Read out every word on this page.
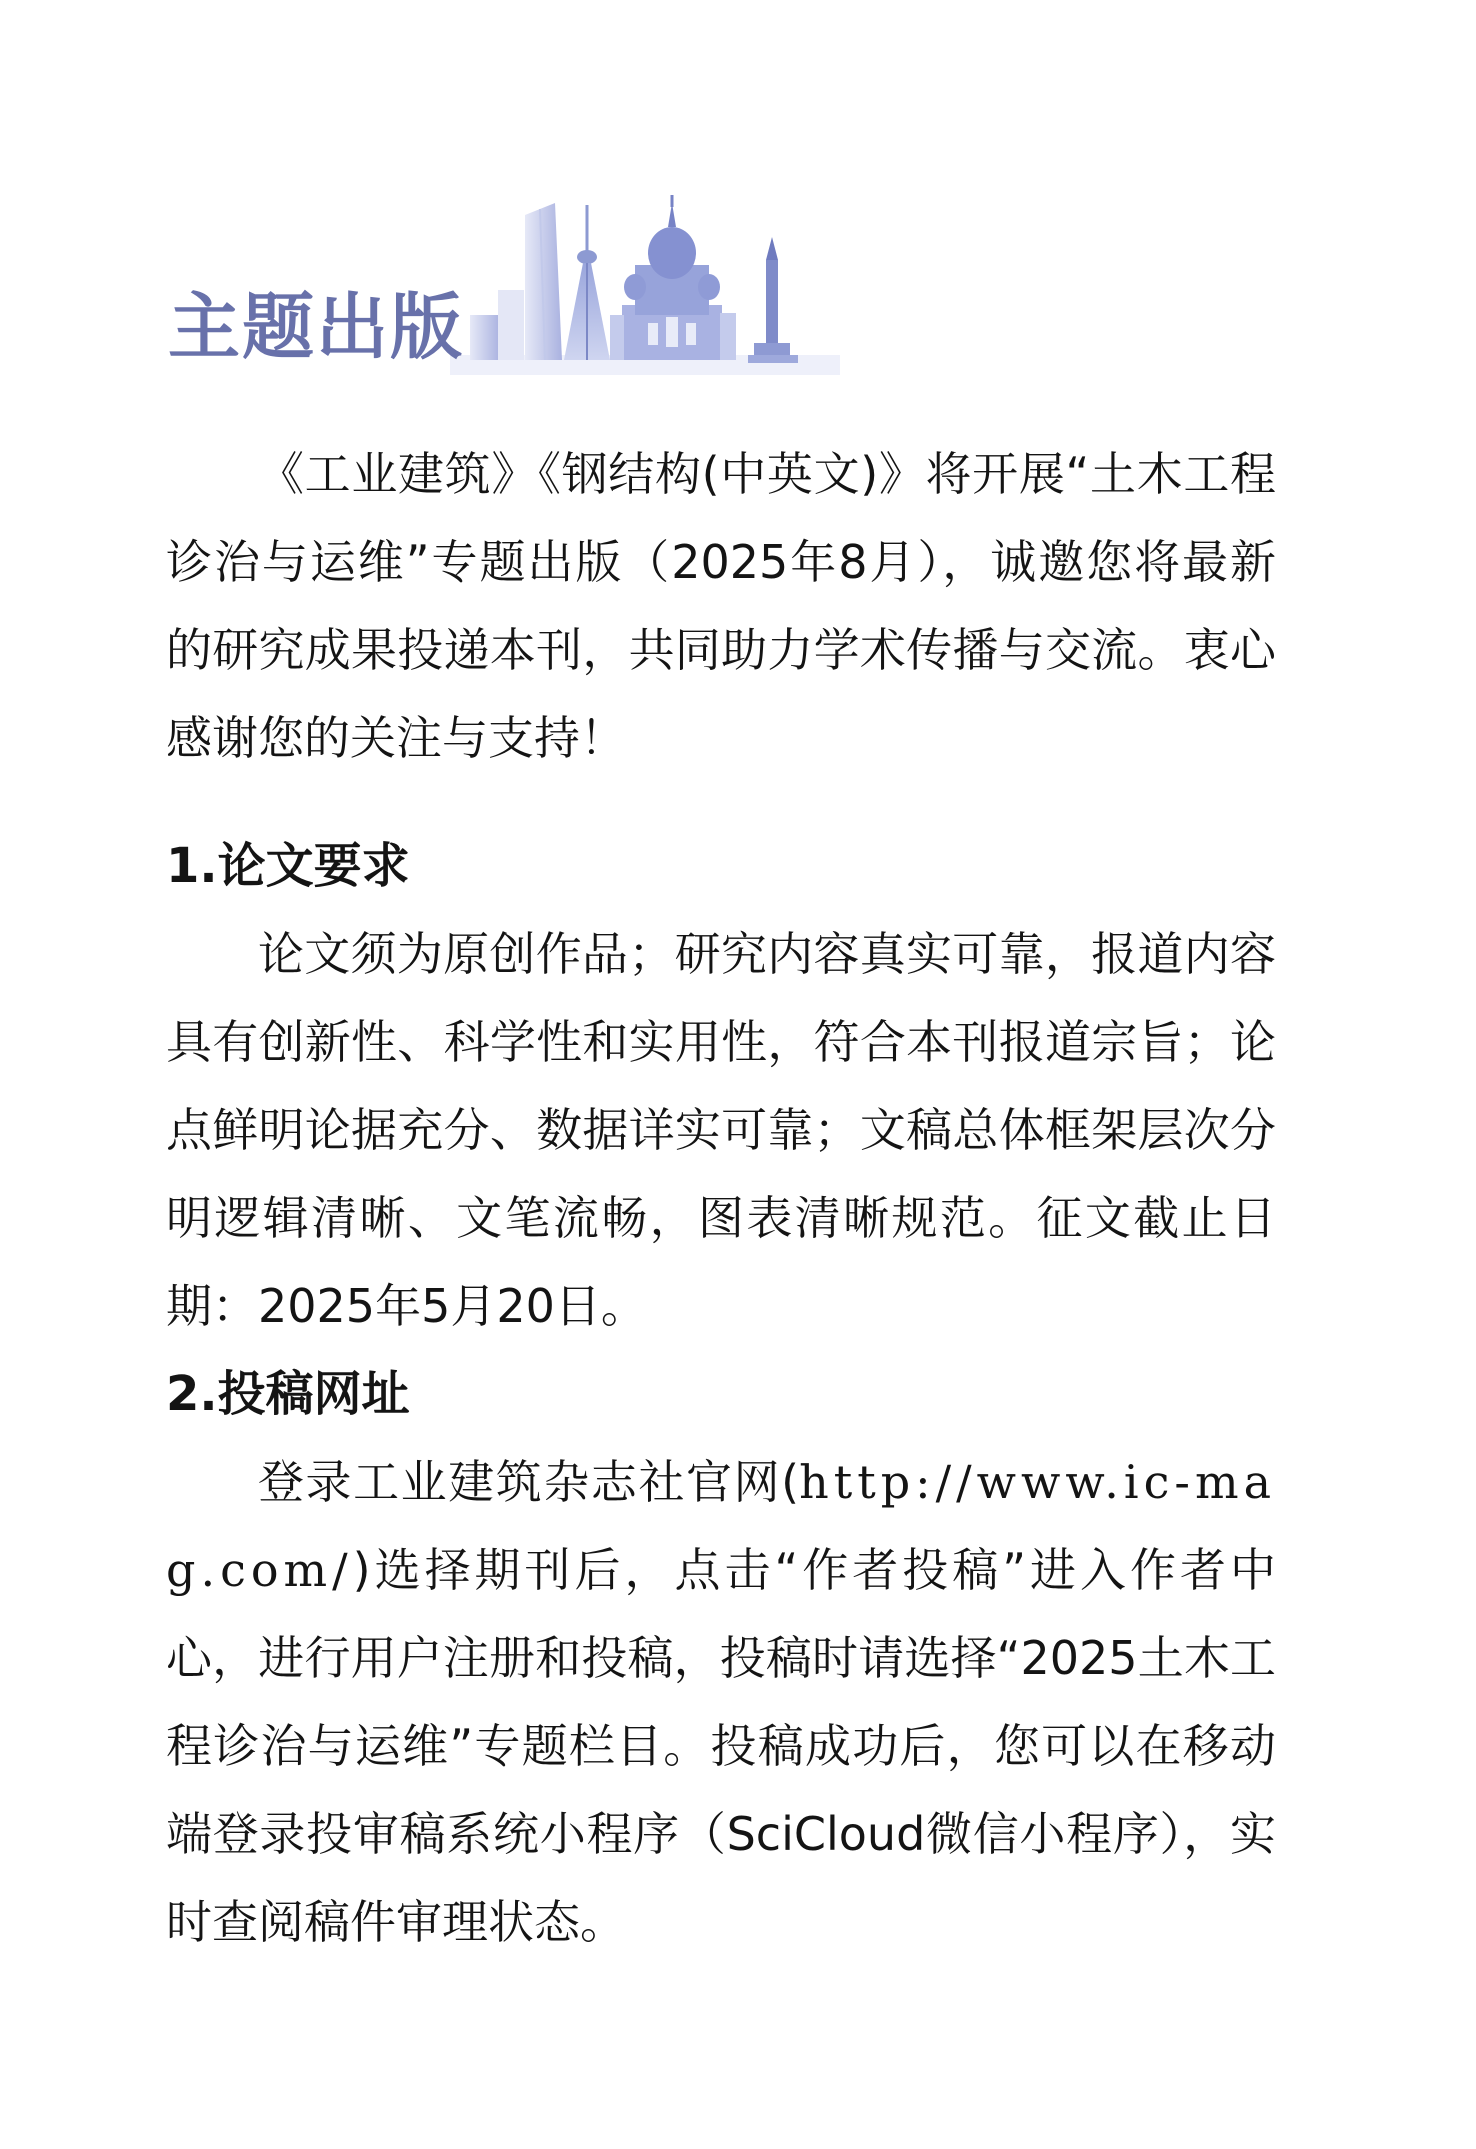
主题出版

《工业建筑》《钢结构(中英文)》将开展“土木工程诊治与运维”专题出版（2025年8月），诚邀您将最新的研究成果投递本刊，共同助力学术传播与交流。衷心感谢您的关注与支持！

1.论文要求

论文须为原创作品；研究内容真实可靠，报道内容具有创新性、科学性和实用性，符合本刊报道宗旨；论点鲜明论据充分、数据详实可靠；文稿总体框架层次分明逻辑清晰、文笔流畅，图表清晰规范。征文截止日期：2025年5月20日。

2.投稿网址

登录工业建筑杂志社官网(http://www.ic-mag.com/)选择期刊后，点击“作者投稿”进入作者中心，进行用户注册和投稿，投稿时请选择“2025土木工程诊治与运维”专题栏目。投稿成功后，您可以在移动端登录投审稿系统小程序（SciCloud微信小程序），实时查阅稿件审理状态。
